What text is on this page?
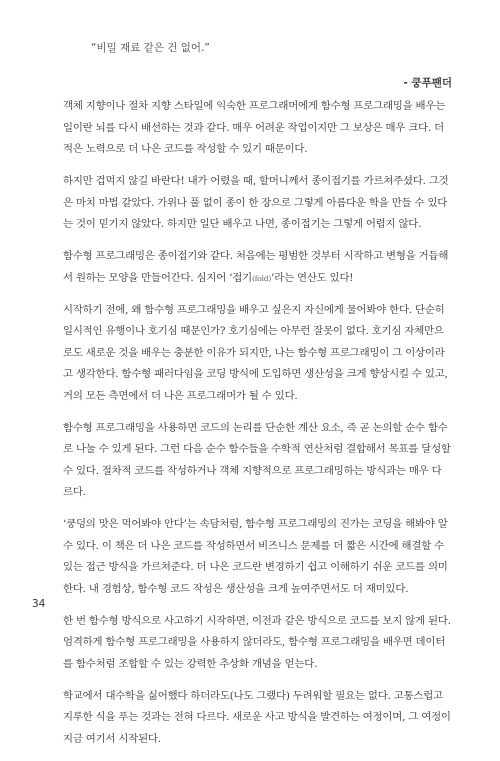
“비밀 재료 같은 건 없어.”
- 쿵푸팬더

객체 지향이나 절차 지향 스타일에 익숙한 프로그래머에게 함수형 프로그래밍을 배우는 일이란 뇌를 다시 배선하는 것과 같다. 매우 어려운 작업이지만 그 보상은 매우 크다. 더 적은 노력으로 더 나은 코드를 작성할 수 있기 때문이다.

하지만 겁먹지 않길 바란다! 내가 어렸을 때, 할머니께서 종이접기를 가르쳐주셨다. 그것은 마치 마법 같았다. 가위나 풀 없이 종이 한 장으로 그렇게 아름다운 학을 만들 수 있다는 것이 믿기지 않았다. 하지만 일단 배우고 나면, 종이접기는 그렇게 어렵지 않다.

함수형 프로그래밍은 종이접기와 같다. 처음에는 평범한 것부터 시작하고 변형을 거듭해서 원하는 모양을 만들어간다. 심지어 ‘접기(fold)’라는 연산도 있다!

시작하기 전에, 왜 함수형 프로그래밍을 배우고 싶은지 자신에게 물어봐야 한다. 단순히 일시적인 유행이나 호기심 때문인가? 호기심에는 아무런 잘못이 없다. 호기심 자체만으로도 새로운 것을 배우는 충분한 이유가 되지만, 나는 함수형 프로그래밍이 그 이상이라고 생각한다. 함수형 패러다임을 코딩 방식에 도입하면 생산성을 크게 향상시킬 수 있고, 거의 모든 측면에서 더 나은 프로그래머가 될 수 있다.

함수형 프로그래밍을 사용하면 코드의 논리를 단순한 계산 요소, 즉 곧 논의할 순수 함수로 나눌 수 있게 된다. 그런 다음 순수 함수들을 수학적 연산처럼 결합해서 목표를 달성할 수 있다. 절차적 코드를 작성하거나 객체 지향적으로 프로그래밍하는 방식과는 매우 다르다.

‘쿵덩의 맛은 먹어봐야 안다’는 속담처럼, 함수형 프로그래밍의 진가는 코딩을 해봐야 알 수 있다. 이 책은 더 나은 코드를 작성하면서 비즈니스 문제를 더 짧은 시간에 해결할 수 있는 접근 방식을 가르쳐준다. 더 나은 코드란 변경하기 쉽고 이해하기 쉬운 코드를 의미한다. 내 경험상, 함수형 코드 작성은 생산성을 크게 높여주면서도 더 재미있다.

한 번 함수형 방식으로 사고하기 시작하면, 이전과 같은 방식으로 코드를 보지 않게 된다. 엄격하게 함수형 프로그래밍을 사용하지 않더라도, 함수형 프로그래밍을 배우면 데이터를 함수처럼 조합할 수 있는 강력한 추상화 개념을 얻는다.

학교에서 대수학을 싫어했다 하더라도(나도 그랬다) 두려워할 필요는 없다. 고통스럽고 지루한 식을 푸는 것과는 전혀 다르다. 새로운 사고 방식을 발견하는 여정이며, 그 여정이 지금 여기서 시작된다.

34
